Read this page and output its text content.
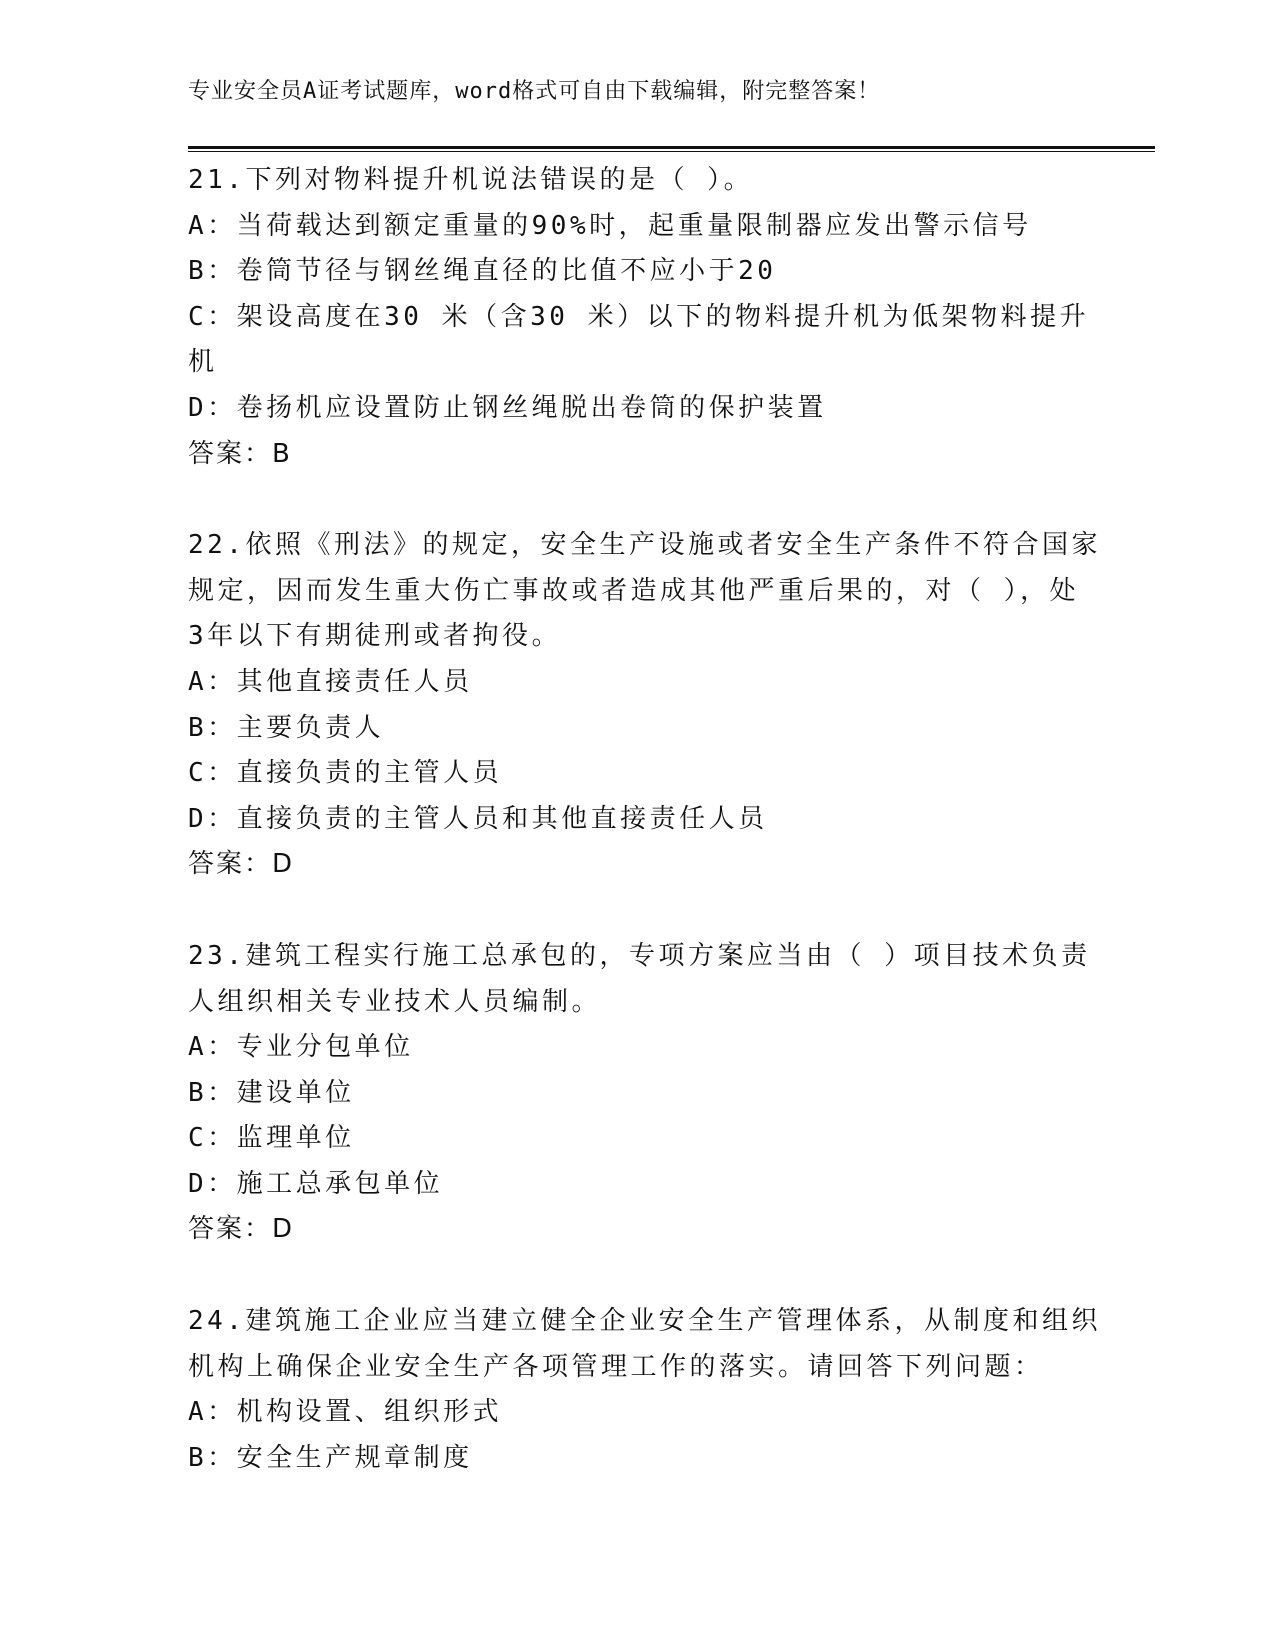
专业安全员A证考试题库，word格式可自由下载编辑，附完整答案！
21.下列对物料提升机说法错误的是（ ）。
A：当荷载达到额定重量的90%时，起重量限制器应发出警示信号
B：卷筒节径与钢丝绳直径的比值不应小于20
C：架设高度在30 米（含30 米）以下的物料提升机为低架物料提升
机
D：卷扬机应设置防止钢丝绳脱出卷筒的保护装置
答案：B
22.依照《刑法》的规定，安全生产设施或者安全生产条件不符合国家
规定，因而发生重大伤亡事故或者造成其他严重后果的，对（ ），处
3年以下有期徒刑或者拘役。
A：其他直接责任人员
B：主要负责人
C：直接负责的主管人员
D：直接负责的主管人员和其他直接责任人员
答案：D
23.建筑工程实行施工总承包的，专项方案应当由（ ）项目技术负责
人组织相关专业技术人员编制。
A：专业分包单位
B：建设单位
C：监理单位
D：施工总承包单位
答案：D
24.建筑施工企业应当建立健全企业安全生产管理体系，从制度和组织
机构上确保企业安全生产各项管理工作的落实。请回答下列问题：
A：机构设置、组织形式
B：安全生产规章制度
